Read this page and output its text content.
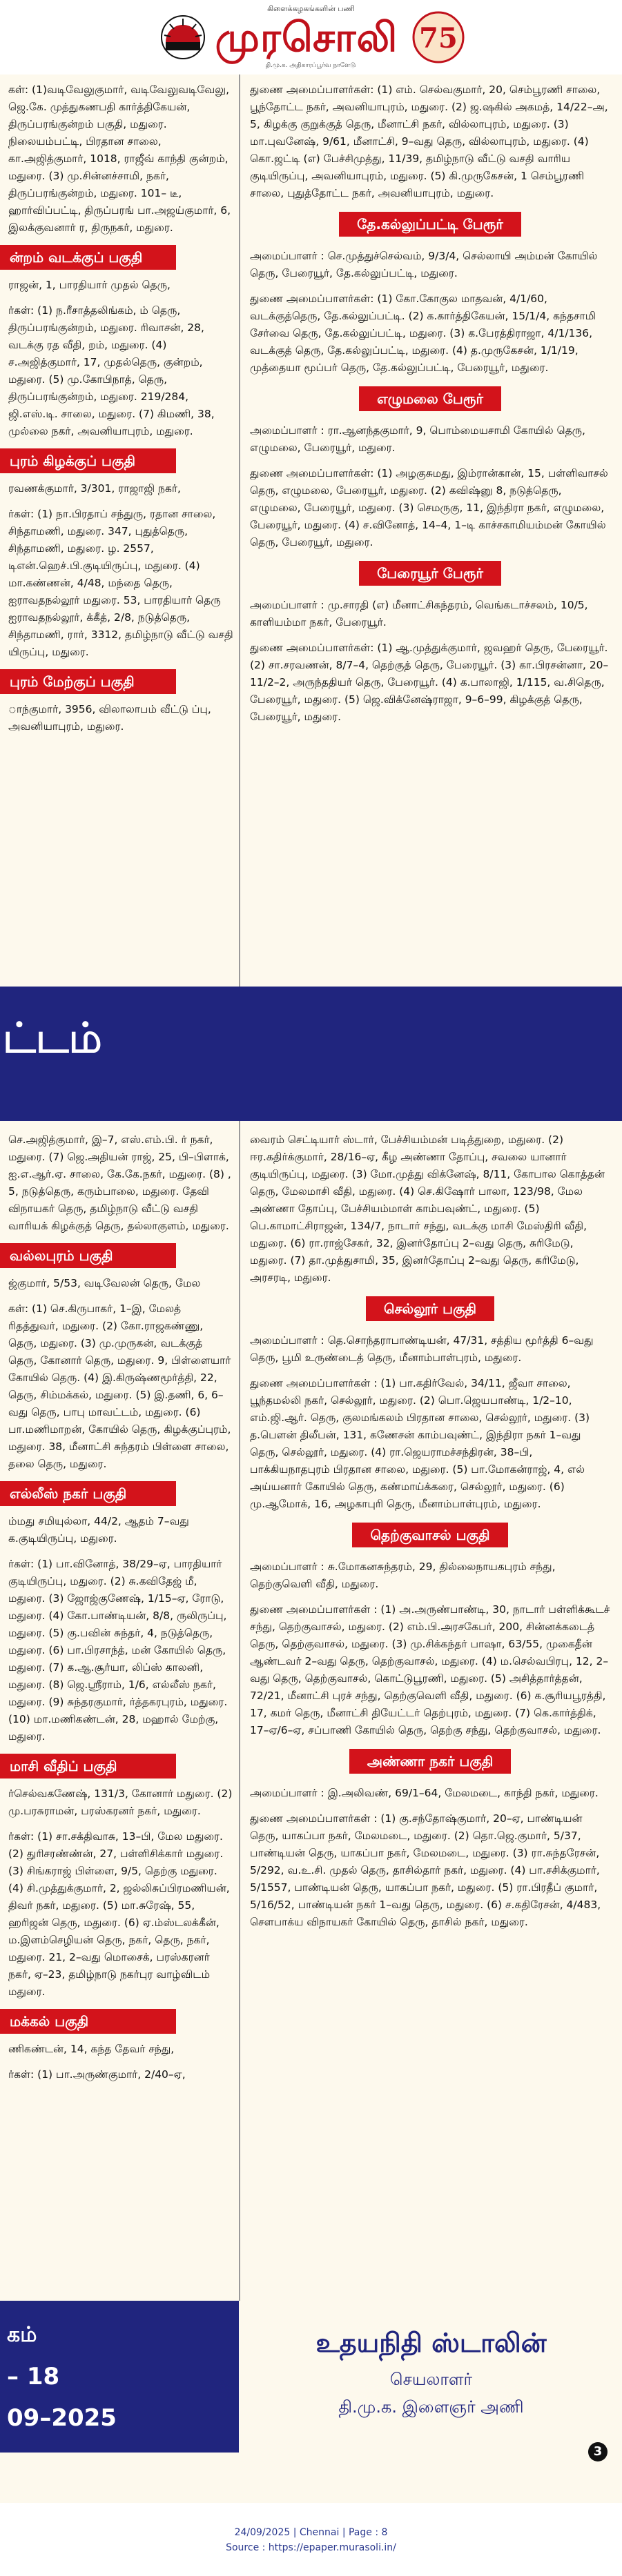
கிளைக்கழகங்களின் பணி
முரசொலி 75
தி.மு.க. அதிகாரப்பூர்வ நாளேடு

கள்: (1)வடிவேலுகுமார், வடிவேலுவடிவேலு, ஜெ.கே. முத்துகணபதி கார்த்திகேயன், திருப்பரங்குன்றம் பகுதி, மதுரை. நிலையம்பட்டி, பிரதான சாலை, கா.அஜித்குமார், 1018, ராஜீவ் காந்தி குன்றம், மதுரை. (3) மு.சின்னச்சாமி, நகர், திருப்பரங்குன்றம், மதுரை. 101– டீ, ஹார்விப்பட்டி, திருப்பரங் பா.அஜய்குமார், 6, இலக்குவனார் ர, திருநகர், மதுரை.

ன்றம் வடக்குப் பகுதி

ராஜன், 1, பாரதியார் முதல் தெரு,

ர்கள்: (1) ந.ரீசாத்தலிங்கம், ம் தெரு, திருப்பரங்குன்றம், மதுரை. ரிவாசன், 28, வடக்கு ரத வீதி, றம், மதுரை. (4) ச.அஜித்குமார், 17, முதல்தெரு, குன்றம், மதுரை. (5) மு.கோபிநாத், தெரு, திருப்பரங்குன்றம், மதுரை. 219/284, ஜி.எஸ்.டி. சாலை, மதுரை. (7) கிமணி, 38, முல்லை நகர், அவனியாபுரம், மதுரை.

புரம் கிழக்குப் பகுதி

ரவணக்குமார், 3/301, ராஜாஜி நகர்,

ர்கள்: (1) நா.பிரதாப் சந்துரு, ரதான சாலை, சிந்தாமணி, மதுரை. 347, புதுத்தெரு, சிந்தாமணி, மதுரை. ழ. 2557, டிஎன்.ஹெச்.பி.குடியிருப்பு, மதுரை. (4) மா.கண்ணன், 4/48, மந்தை தெரு, ஐராவதநல்லூர் மதுரை. 53, பாரதியார் தெரு ஐராவதநல்லூர், க்கீத், 2/8, நடுத்தெரு, சிந்தாமணி, ரார், 3312, தமிழ்நாடு வீட்டு வசதி யிருப்பு, மதுரை.

புரம் மேற்குப் பகுதி

ாந்குமார், 3956, விலாலாபம் வீட்டு ப்பு, அவனியாபுரம், மதுரை.

துணை அமைப்பாளர்கள்: (1) எம். செல்வகுமார், 20, செம்பூரணி சாலை, பூந்தோட்ட நகர், அவனியாபுரம், மதுரை. (2) ஜ.ஷகில் அகமத், 14/22–அ, 5, கிழக்கு குறுக்குத் தெரு, மீனாட்சி நகர், வில்லாபுரம், மதுரை. (3) மா.புவனேஷ், 9/61, மீனாட்சி, 9–வது தெரு, வில்லாபுரம், மதுரை. (4) கொ.ஜட்டி (எ) பேச்சிமுத்து, 11/39, தமிழ்நாடு வீட்டு வசதி வாரிய குடியிருப்பு, அவனியாபுரம், மதுரை. (5) கி.முருகேசன், 1 செம்பூரணி சாலை, புதுத்தோட்ட நகர், அவனியாபுரம், மதுரை.

தே.கல்லுப்பட்டி பேரூர்

அமைப்பாளர் : செ.முத்துச்செல்வம், 9/3/4, செல்லாயி அம்மன் கோயில் தெரு, பேரையூர், தே.கல்லுப்பட்டி, மதுரை.

துணை அமைப்பாளர்கள்: (1) கோ.கோகுல மாதவன், 4/1/60, வடக்குத்தெரு, தே.கல்லுப்பட்டி. (2) க.கார்த்திகேயன், 15/1/4, கந்தசாமி சேர்வை தெரு, தே.கல்லுப்பட்டி, மதுரை. (3) க.பேரத்திராஜா, 4/1/136, வடக்குத் தெரு, தே.கல்லுப்பட்டி, மதுரை. (4) த.முருகேசன், 1/1/19, முத்தையா மூப்பர் தெரு, தே.கல்லுப்பட்டி, பேரையூர், மதுரை.

எழுமலை பேரூர்

அமைப்பாளர் : ரா.ஆனந்தகுமார், 9, பொம்மையசாமி கோயில் தெரு, எழுமலை, பேரையூர், மதுரை.

துணை அமைப்பாளர்கள்: (1) அழகுசுமது, இம்ரான்கான், 15, பள்ளிவாசல் தெரு, எழுமலை, பேரையூர், மதுரை. (2) கவிஷ்னு 8, நடுத்தெரு, எழுமலை, பேரையூர், மதுரை. (3) செமருகு, 11, இந்திரா நகர், எழுமலை, பேரையூர், மதுரை. (4) ச.வினோத், 14–4, 1–டி காச்சகாமியம்மன் கோயில் தெரு, பேரையூர், மதுரை.

பேரையூர் பேரூர்

அமைப்பாளர் : மு.சாரதி (எ) மீனாட்சிகந்தரம், வெங்கடாச்சலம், 10/5, காளியம்மா நகர், பேரையூர்.

துணை அமைப்பாளர்கள்: (1) ஆ.முத்துக்குமார், ஜவஹர் தெரு, பேரையூர். (2) சா.சரவணன், 8/7–4, தெற்குத் தெரு, பேரையூர். (3) கா.பிரசன்னா, 20–11/2–2, அருந்ததியர் தெரு, பேரையூர். (4) க.பாலாஜி, 1/115, வ.சிதெரு, பேரையூர், மதுரை. (5) ஜெ.விக்னேஷ்ராஜா, 9–6–99, கிழக்குத் தெரு, பேரையூர், மதுரை.

ட்டம்

செ.அஜித்குமார், இ–7, எஸ்.எம்.பி. ர் நகர், மதுரை. (7) ஜெ.அதியன் ராஜ், 25, பி–பிளாக், ஐ.எ.ஆர்.ஏ. சாலை, கே.கே.நகர், மதுரை. (8) , 5, நடுத்தெரு, கரும்பாலை, மதுரை. தேவி விநாயகர் தெரு, தமிழ்நாடு வீட்டு வசதி வாரியக் கிழக்குத் தெரு, தல்லாகுளம், மதுரை.

வல்லபுரம் பகுதி

ஜ்குமார், 5/53, வடிவேலன் தெரு, மேல

கள்: (1) செ.கிருபாகர், 1–இ, மேலத் ரிதத்துவர், மதுரை. (2) கோ.ராஜகண்ணு, தெரு, மதுரை. (3) மு.முருகன், வடக்குத் தெரு, கோனார் தெரு, மதுரை. 9, பிள்ளையார் கோயில் தெரு. (4) இ.கிருஷ்ணமூர்த்தி, 22, தெரு, சிம்மக்கல், மதுரை. (5) இ.தணி, 6, 6–வது தெரு, பாபு மாவட்டம், மதுரை. (6) பா.மணிமாறன், கோயில் தெரு, கிழக்குப்புரம், மதுரை. 38, மீனாட்சி சுந்தரம் பிள்ளை சாலை, தலை தெரு, மதுரை.

எல்லீஸ் நகர் பகுதி

ம்மது சமியுல்லா, 44/2, ஆதம் 7–வது க.குடியிருப்பு, மதுரை.

ர்கள்: (1) பா.வினோத், 38/29–ஏ, பாரதியார் குடியிருப்பு, மதுரை. (2) சு.கவிதேஜ் மீ, மதுரை. (3) ஜோஜ்குணேஷ், 1/15–ஏ, ரோடு, மதுரை. (4) கோ.பாண்டியன், 8/8, ருலிருப்பு, மதுரை. (5) கு.பவின் சுந்தர், 4, நடுத்தெரு, மதுரை. (6) பா.பிரசாந்த், மன் கோயில் தெரு, மதுரை. (7) க.ஆ.சூர்யா, லிப்ஸ் காலனி, மதுரை. (8) ஜெ.ஸ்ரீராம், 1/6, எல்லீஸ் நகர், மதுரை. (9) சுந்தரகுமார், ர்த்தகரபுரம், மதுரை. (10) மா.மணிகண்டன், 28, மஹால் மேற்கு, மதுரை.

மாசி வீதிப் பகுதி

ர்செல்வகணேஷ், 131/3, கோனார் மதுரை. (2) மு.பரசுராமன், பரஸ்கரனர் நகர், மதுரை.

ர்கள்: (1) சா.சக்திவாசு, 13–பி, மேல மதுரை. (2) துரிசரண்ண்ன், 27, பள்ளிசிக்கார் மதுரை. (3) சிங்கராஜ் பிள்ளை, 9/5, தெற்கு மதுரை. (4) சி.முத்துக்குமார், 2, ஜல்லிசுப்பிரமணியன், திவர் நகர், மதுரை. (5) மா.சுரேஷ், 55, ஹரிஜன் தெரு, மதுரை. (6) ஏ.ம்ஸ்டலக்கீன், ம.இளம்செழியன் தெரு, நகர், தெரு, நகர், மதுரை. 21, 2–வது மொசைக், பரஸ்கரனர் நகர், ஏ–23, தமிழ்நாடு நகர்புர வாழ்விடம் மதுரை.

மக்கல் பகுதி

ணிகண்டன், 14, கந்த தேவர் சந்து,

ர்கள்: (1) பா.அருண்குமார், 2/40–ஏ,

வைரம் செட்டியார் ஸ்டார், பேச்சியம்மன் படித்துறை, மதுரை. (2) ஈர.கதிர்க்குமார், 28/16–ஏ, கீழ அண்ணா தோப்பு, சவலை யானார் குடியிருப்பு, மதுரை. (3) மோ.முத்து விக்னேஷ், 8/11, கோபால கொத்தன் தெரு, மேலமாசி வீதி, மதுரை. (4) செ.கிஷோர் பாலா, 123/98, மேல அண்ணா தோப்பு, பேச்சியம்மாள் காம்பவுண்ட், மதுரை. (5) பெ.காமாட்சிராஜன், 134/7, நாடார் சந்து, வடக்கு மாசி மேஸ்திரி வீதி, மதுரை. (6) ரா.ராஜ்சேகர், 32, இனர்தோப்பு 2–வது தெரு, சுரிமேடு, மதுரை. (7) தா.முத்துசாமி, 35, இனர்தோப்பு 2–வது தெரு, கரிமேடு, அரசரடி, மதுரை.

செல்லூர் பகுதி

அமைப்பாளர் : தெ.சொந்தராபாண்டியன், 47/31, சத்திய மூர்த்தி 6–வது தெரு, பூமி உருண்டைத் தெரு, மீனாம்பாள்புரம், மதுரை.

துணை அமைப்பாளர்கள் : (1) பா.கதிர்வேல், 34/11, ஜீவா சாலை, பூந்தமல்லி நகர், செல்லூர், மதுரை. (2) பொ.ஜெயபாண்டி, 1/2–10, எம்.ஜி.ஆர். தெரு, குலமங்கலம் பிரதான சாலை, செல்லூர், மதுரை. (3) த.பெளன் திலீபன், 131, கணேசன் காம்பவுண்ட், இந்திரா நகர் 1–வது தெரு, செல்லூர், மதுரை. (4) ரா.ஜெயராமச்சந்திரன், 38–பி, பாக்கியநாதபுரம் பிரதான சாலை, மதுரை. (5) பா.மோகன்ராஜ், 4, எல் அய்யனார் கோயில் தெரு, கண்மாய்க்கரை, செல்லூர், மதுரை. (6) மு.ஆமோக், 16, அழகாபுரி தெரு, மீனாம்பாள்புரம், மதுரை.

தெற்குவாசல் பகுதி

அமைப்பாளர் : சு.மோகனசுந்தரம், 29, தில்லைநாயகபுரம் சந்து, தெற்குவெளி வீதி, மதுரை.

துணை அமைப்பாளர்கள் : (1) அ.அருண்பாண்டி, 30, நாடார் பள்ளிக்கூடச் சந்து, தெற்குவாசல், மதுரை. (2) எம்.பி.அரசகேபர், 200, சின்னக்கடைத் தெரு, தெற்குவாசல், மதுரை. (3) மு.சிக்கந்தர் பாஷா, 63/55, முகைதீன் ஆண்டவர் 2–வது தெரு, தெற்குவாசல், மதுரை. (4) ம.செல்வபிரபு, 12, 2–வது தெரு, தெற்குவாசல், கொட்டுபூரணி, மதுரை. (5) அசித்தார்த்தன், 72/21, மீனாட்சி புரச் சந்து, தெற்குவெளி வீதி, மதுரை. (6) க.சூரியபூரத்தி, 17, கமர் தெரு, மீனாட்சி தியேட்டர் தெற்புரம், மதுரை. (7) கெ.கார்த்திக், 17–ஏ/6–ஏ, சப்பாணி கோயில் தெரு, தெற்கு சந்து, தெற்குவாசல், மதுரை.

அண்ணா நகர் பகுதி

அமைப்பாளர் : இ.அலிவண், 69/1–64, மேலமடை, காந்தி நகர், மதுரை.

துணை அமைப்பாளர்கள் : (1) கு.சந்தோஷ்குமார், 20–ஏ, பாண்டியன் தெரு, யாகப்பா நகர், மேலமடை, மதுரை. (2) தொ.ஜெ.குமார், 5/37, பாண்டியன் தெரு, யாகப்பா நகர், மேலமடை, மதுரை. (3) ரா.சுந்தரேசன், 5/292, வ.உ.சி. முதல் தெரு, தாசில்தார் நகர், மதுரை. (4) பா.சசிக்குமார், 5/1557, பாண்டியன் தெரு, யாகப்பா நகர், மதுரை. (5) ரா.பிரதீப் குமார், 5/16/52, பாண்டியன் நகர் 1–வது தெரு, மதுரை. (6) ச.கதிரேசன், 4/483, சௌபாக்ய விநாயகர் கோயில் தெரு, தாசில் நகர், மதுரை.

கம்
– 18
09–2025
உதயநிதி ஸ்டாலின்
செயலாளர்
தி.மு.க. இளைஞர் அணி
3
24/09/2025 | Chennai | Page : 8
Source : https://epaper.murasoli.in/
